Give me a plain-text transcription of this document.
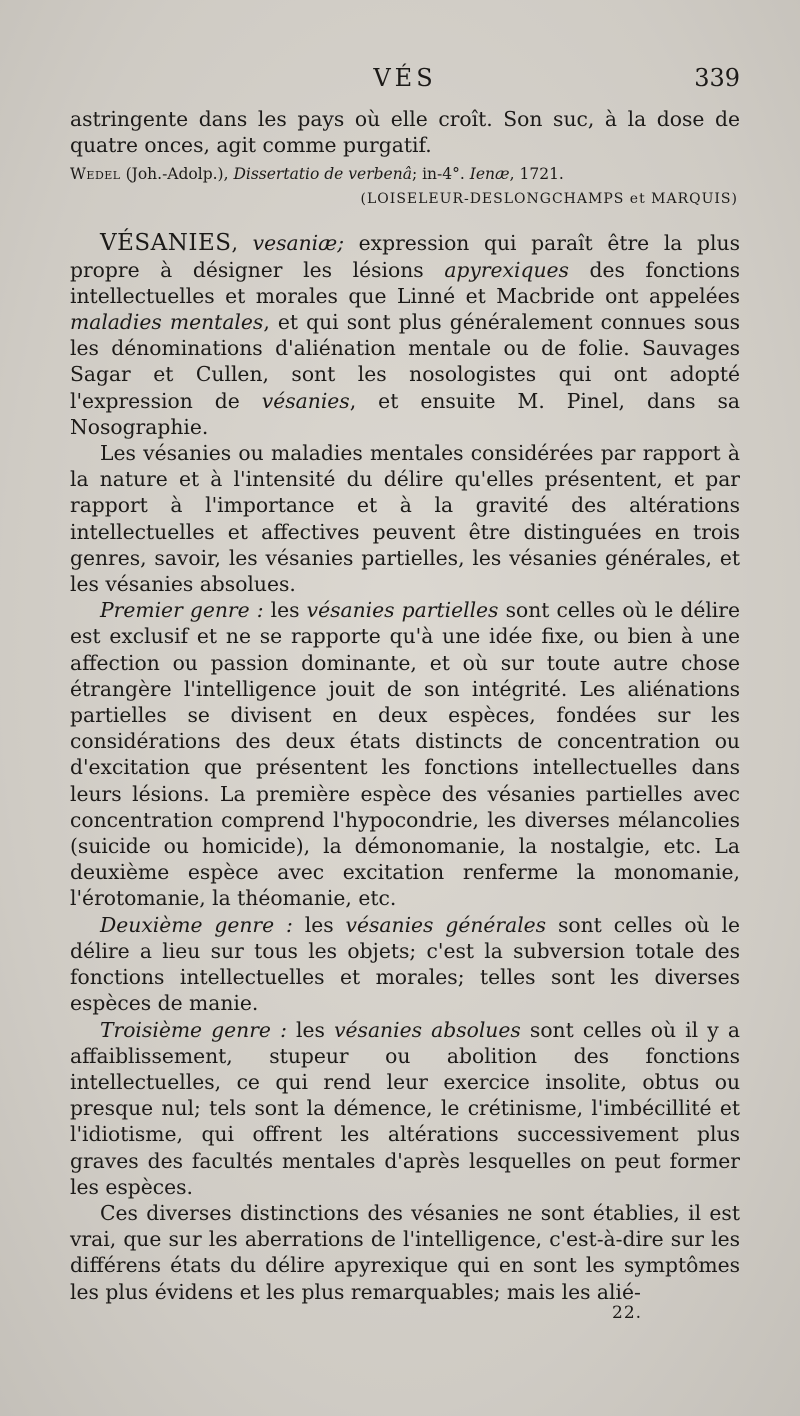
VÉS	339

astringente dans les pays où elle croît. Son suc, à la dose de quatre onces, agit comme purgatif.

Wedel (Joh.-Adolp.), Dissertatio de verbenâ; in-4°. Ienæ, 1721.

(LOISELEUR-DESLONGCHAMPS et MARQUIS)

VÉSANIES, vesaniæ; expression qui paraît être la plus propre à désigner les lésions apyrexiques des fonctions intellectuelles et morales que Linné et Macbride ont appelées maladies mentales, et qui sont plus généralement connues sous les dénominations d'aliénation mentale ou de folie. Sauvages Sagar et Cullen, sont les nosologistes qui ont adopté l'expression de vésanies, et ensuite M. Pinel, dans sa Nosographie.

Les vésanies ou maladies mentales considérées par rapport à la nature et à l'intensité du délire qu'elles présentent, et par rapport à l'importance et à la gravité des altérations intellectuelles et affectives peuvent être distinguées en trois genres, savoir, les vésanies partielles, les vésanies générales, et les vésanies absolues.

Premier genre : les vésanies partielles sont celles où le délire est exclusif et ne se rapporte qu'à une idée fixe, ou bien à une affection ou passion dominante, et où sur toute autre chose étrangère l'intelligence jouit de son intégrité. Les aliénations partielles se divisent en deux espèces, fondées sur les considérations des deux états distincts de concentration ou d'excitation que présentent les fonctions intellectuelles dans leurs lésions. La première espèce des vésanies partielles avec concentration comprend l'hypocondrie, les diverses mélancolies (suicide ou homicide), la démonomanie, la nostalgie, etc. La deuxième espèce avec excitation renferme la monomanie, l'érotomanie, la théomanie, etc.

Deuxième genre : les vésanies générales sont celles où le délire a lieu sur tous les objets; c'est la subversion totale des fonctions intellectuelles et morales; telles sont les diverses espèces de manie.

Troisième genre : les vésanies absolues sont celles où il y a affaiblissement, stupeur ou abolition des fonctions intellectuelles, ce qui rend leur exercice insolite, obtus ou presque nul; tels sont la démence, le crétinisme, l'imbécillité et l'idiotisme, qui offrent les altérations successivement plus graves des facultés mentales d'après lesquelles on peut former les espèces.

Ces diverses distinctions des vésanies ne sont établies, il est vrai, que sur les aberrations de l'intelligence, c'est-à-dire sur les différens états du délire apyrexique qui en sont les symptômes les plus évidens et les plus remarquables; mais les alié-

22.
